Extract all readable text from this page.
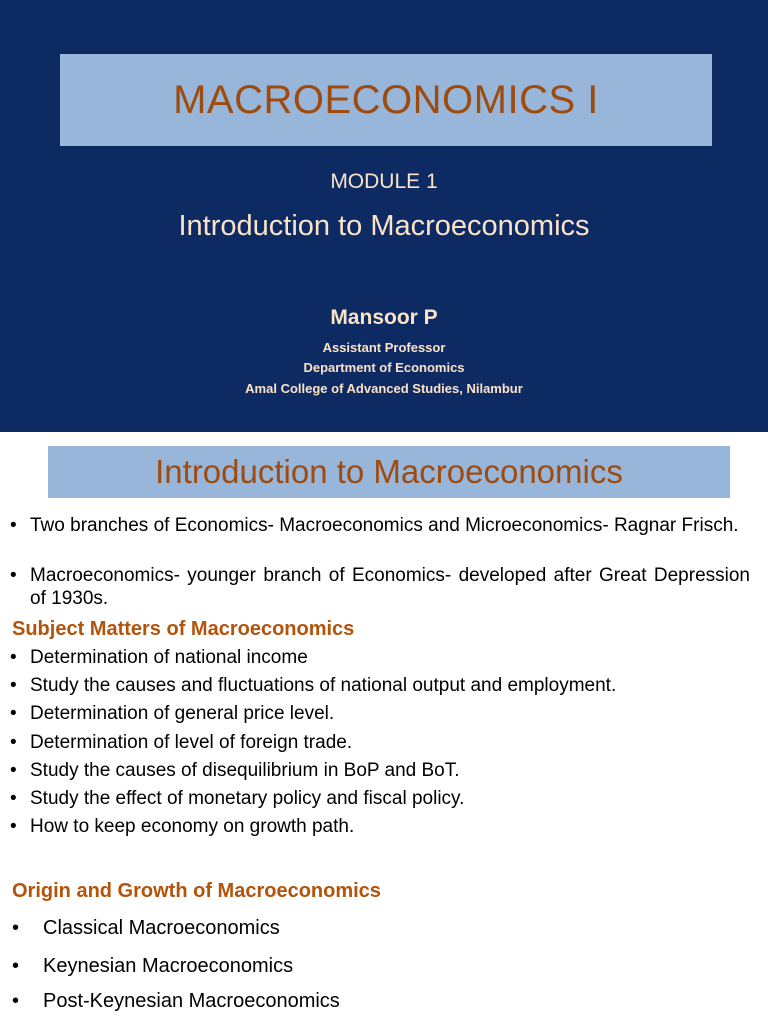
MACROECONOMICS I
MODULE 1
Introduction to Macroeconomics
Mansoor P
Assistant Professor
Department of Economics
Amal College of Advanced Studies, Nilambur
Introduction to Macroeconomics
• Two branches of Economics- Macroeconomics and Microeconomics- Ragnar Frisch.
• Macroeconomics- younger branch of Economics- developed after Great Depression of 1930s.
Subject Matters of Macroeconomics
• Determination of national income
• Study the causes and fluctuations of national output and employment.
• Determination of general price level.
• Determination of level of foreign trade.
• Study the causes of disequilibrium in BoP and BoT.
• Study the effect of monetary policy and fiscal policy.
• How to keep economy on growth path.
Origin and Growth of Macroeconomics
• Classical Macroeconomics
• Keynesian Macroeconomics
• Post-Keynesian Macroeconomics
